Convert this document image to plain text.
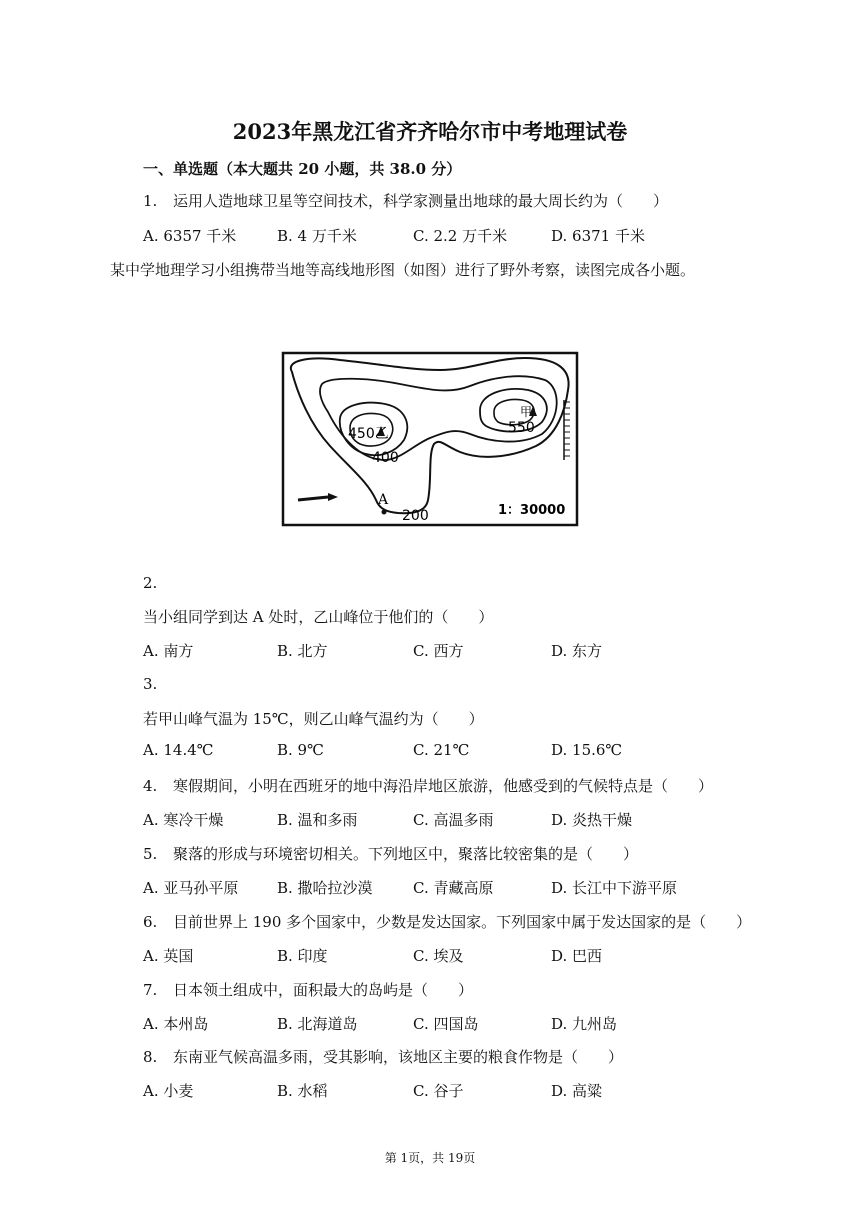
2023年黑龙江省齐齐哈尔市中考地理试卷
一、单选题（本大题共 20 小题，共 38.0 分）
1. 运用人造地球卫星等空间技术，科学家测量出地球的最大周长约为（　　）
A. 6357 千米	B. 4 万千米	C. 2.2 万千米	D. 6371 千米
某中学地理学习小组携带当地等高线地形图（如图）进行了野外考察，读图完成各小题。
450乙
甲
550
400
A
200	1：30000
2.
当小组同学到达 A 处时，乙山峰位于他们的（　　）
A. 南方	B. 北方	C. 西方	D. 东方
3.
若甲山峰气温为 15℃，则乙山峰气温约为（　　）
A. 14.4℃	B. 9℃	C. 21℃	D. 15.6℃
4. 寒假期间，小明在西班牙的地中海沿岸地区旅游，他感受到的气候特点是（　　）
A. 寒冷干燥	B. 温和多雨	C. 高温多雨	D. 炎热干燥
5. 聚落的形成与环境密切相关。下列地区中，聚落比较密集的是（　　）
A. 亚马孙平原	B. 撒哈拉沙漠	C. 青藏高原	D. 长江中下游平原
6. 目前世界上 190 多个国家中，少数是发达国家。下列国家中属于发达国家的是（　　）
A. 英国	B. 印度	C. 埃及	D. 巴西
7. 日本领土组成中，面积最大的岛屿是（　　）
A. 本州岛	B. 北海道岛	C. 四国岛	D. 九州岛
8. 东南亚气候高温多雨，受其影响，该地区主要的粮食作物是（　　）
A. 小麦	B. 水稻	C. 谷子	D. 高粱
第 1页，共 19页
